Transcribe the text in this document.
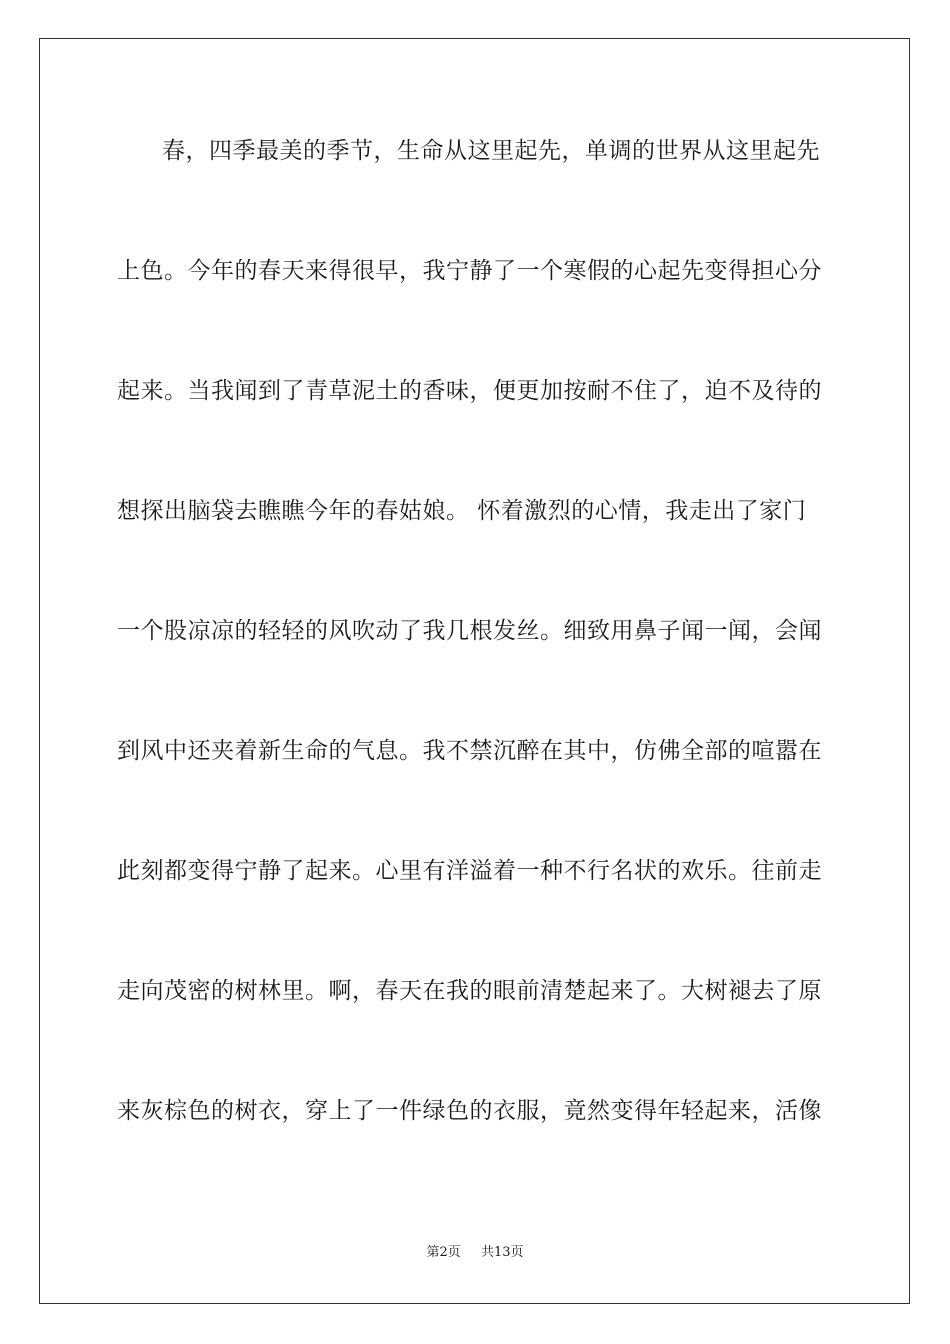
春，四季最美的季节，生命从这里起先，单调的世界从这里起先
上色。今年的春天来得很早，我宁静了一个寒假的心起先变得担心分
起来。当我闻到了青草泥土的香味，便更加按耐不住了，迫不及待的
想探出脑袋去瞧瞧今年的春姑娘。 怀着激烈的心情，我走出了家门
一个股凉凉的轻轻的风吹动了我几根发丝。细致用鼻子闻一闻，会闻
到风中还夹着新生命的气息。我不禁沉醉在其中，仿佛全部的喧嚣在
此刻都变得宁静了起来。心里有洋溢着一种不行名状的欢乐。往前走
走向茂密的树林里。啊，春天在我的眼前清楚起来了。大树褪去了原
来灰棕色的树衣，穿上了一件绿色的衣服，竟然变得年轻起来，活像
第2页 共13页
